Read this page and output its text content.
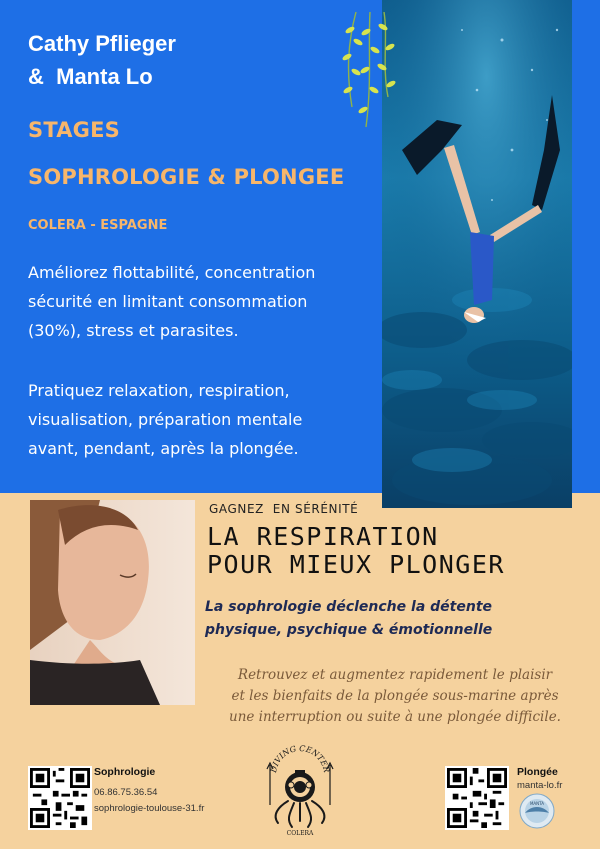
Cathy Pflieger
&  Manta Lo
STAGES
SOPHROLOGIE & PLONGEE
COLERA - ESPAGNE
Améliorez flottabilité, concentration
sécurité en limitant consommation
(30%), stress et parasites.
Pratiquez relaxation, respiration,
visualisation, préparation mentale
avant, pendant, après la plongée.
GAGNEZ  EN SÉRÉNITÉ
LA RESPIRATION
POUR MIEUX PLONGER
La sophrologie déclenche la détente
physique, psychique & émotionnelle
Retrouvez et augmentez rapidement le plaisir
et les bienfaits de la plongée sous-marine après
une interruption ou suite à une plongée difficile.
Sophrologie
06.86.75.36.54
sophrologie-toulouse-31.fr
DIVING CENTER
COLERA
Plongée
manta-lo.fr
MANTA
